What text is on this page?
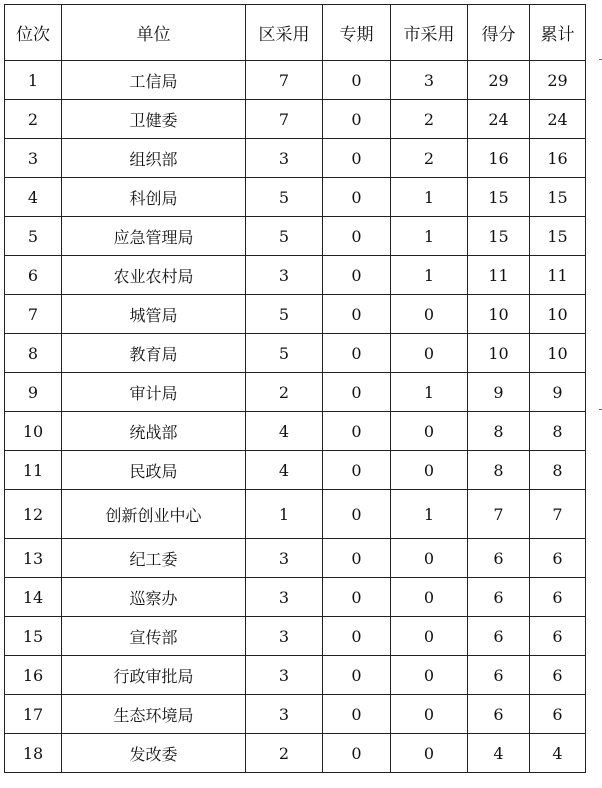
位次	单位	区采用	专期	市采用	得分	累计
1	工信局	7	0	3	29	29
2	卫健委	7	0	2	24	24
3	组织部	3	0	2	16	16
4	科创局	5	0	1	15	15
5	应急管理局	5	0	1	15	15
6	农业农村局	3	0	1	11	11
7	城管局	5	0	0	10	10
8	教育局	5	0	0	10	10
9	审计局	2	0	1	9	9
10	统战部	4	0	0	8	8
11	民政局	4	0	0	8	8
12	创新创业中心	1	0	1	7	7
13	纪工委	3	0	0	6	6
14	巡察办	3	0	0	6	6
15	宣传部	3	0	0	6	6
16	行政审批局	3	0	0	6	6
17	生态环境局	3	0	0	6	6
18	发改委	2	0	0	4	4
